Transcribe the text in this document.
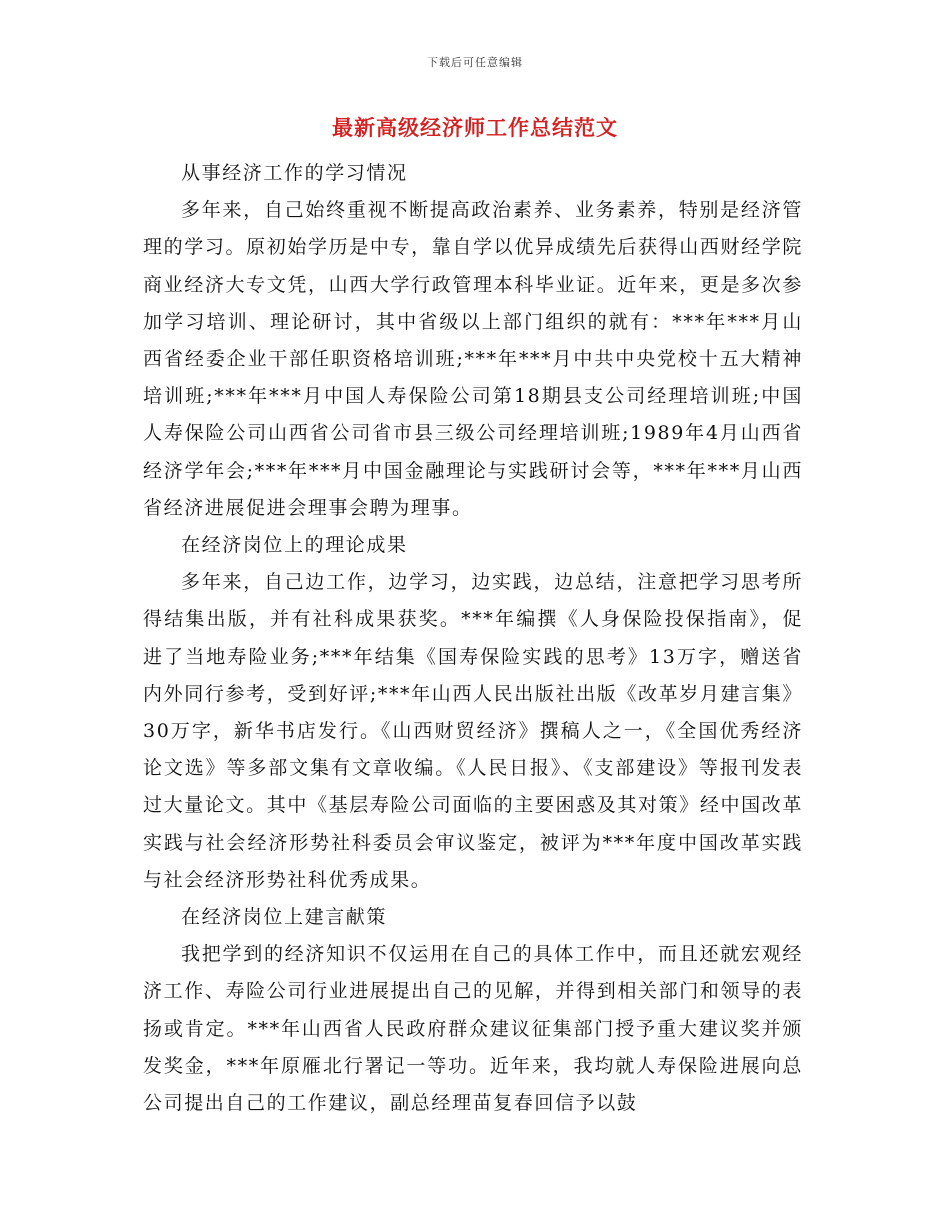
下载后可任意编辑
最新高级经济师工作总结范文

从事经济工作的学习情况

多年来，自己始终重视不断提高政治素养、业务素养，特别是经济管理的学习。原初始学历是中专，靠自学以优异成绩先后获得山西财经学院商业经济大专文凭，山西大学行政管理本科毕业证。近年来，更是多次参加学习培训、理论研讨，其中省级以上部门组织的就有：***年***月山西省经委企业干部任职资格培训班;***年***月中共中央党校十五大精神培训班;***年***月中国人寿保险公司第18期县支公司经理培训班;中国人寿保险公司山西省公司省市县三级公司经理培训班;1989年4月山西省经济学年会;***年***月中国金融理论与实践研讨会等，***年***月山西省经济进展促进会理事会聘为理事。

在经济岗位上的理论成果

多年来，自己边工作，边学习，边实践，边总结，注意把学习思考所得结集出版，并有社科成果获奖。***年编撰《人身保险投保指南》，促进了当地寿险业务;***年结集《国寿保险实践的思考》13万字，赠送省内外同行参考，受到好评;***年山西人民出版社出版《改革岁月建言集》30万字，新华书店发行。《山西财贸经济》撰稿人之一，《全国优秀经济论文选》等多部文集有文章收编。《人民日报》、《支部建设》等报刊发表过大量论文。其中《基层寿险公司面临的主要困惑及其对策》经中国改革实践与社会经济形势社科委员会审议鉴定，被评为***年度中国改革实践与社会经济形势社科优秀成果。

在经济岗位上建言献策

我把学到的经济知识不仅运用在自己的具体工作中，而且还就宏观经济工作、寿险公司行业进展提出自己的见解，并得到相关部门和领导的表扬或肯定。***年山西省人民政府群众建议征集部门授予重大建议奖并颁发奖金，***年原雁北行署记一等功。近年来，我均就人寿保险进展向总公司提出自己的工作建议，副总经理苗复春回信予以鼓
